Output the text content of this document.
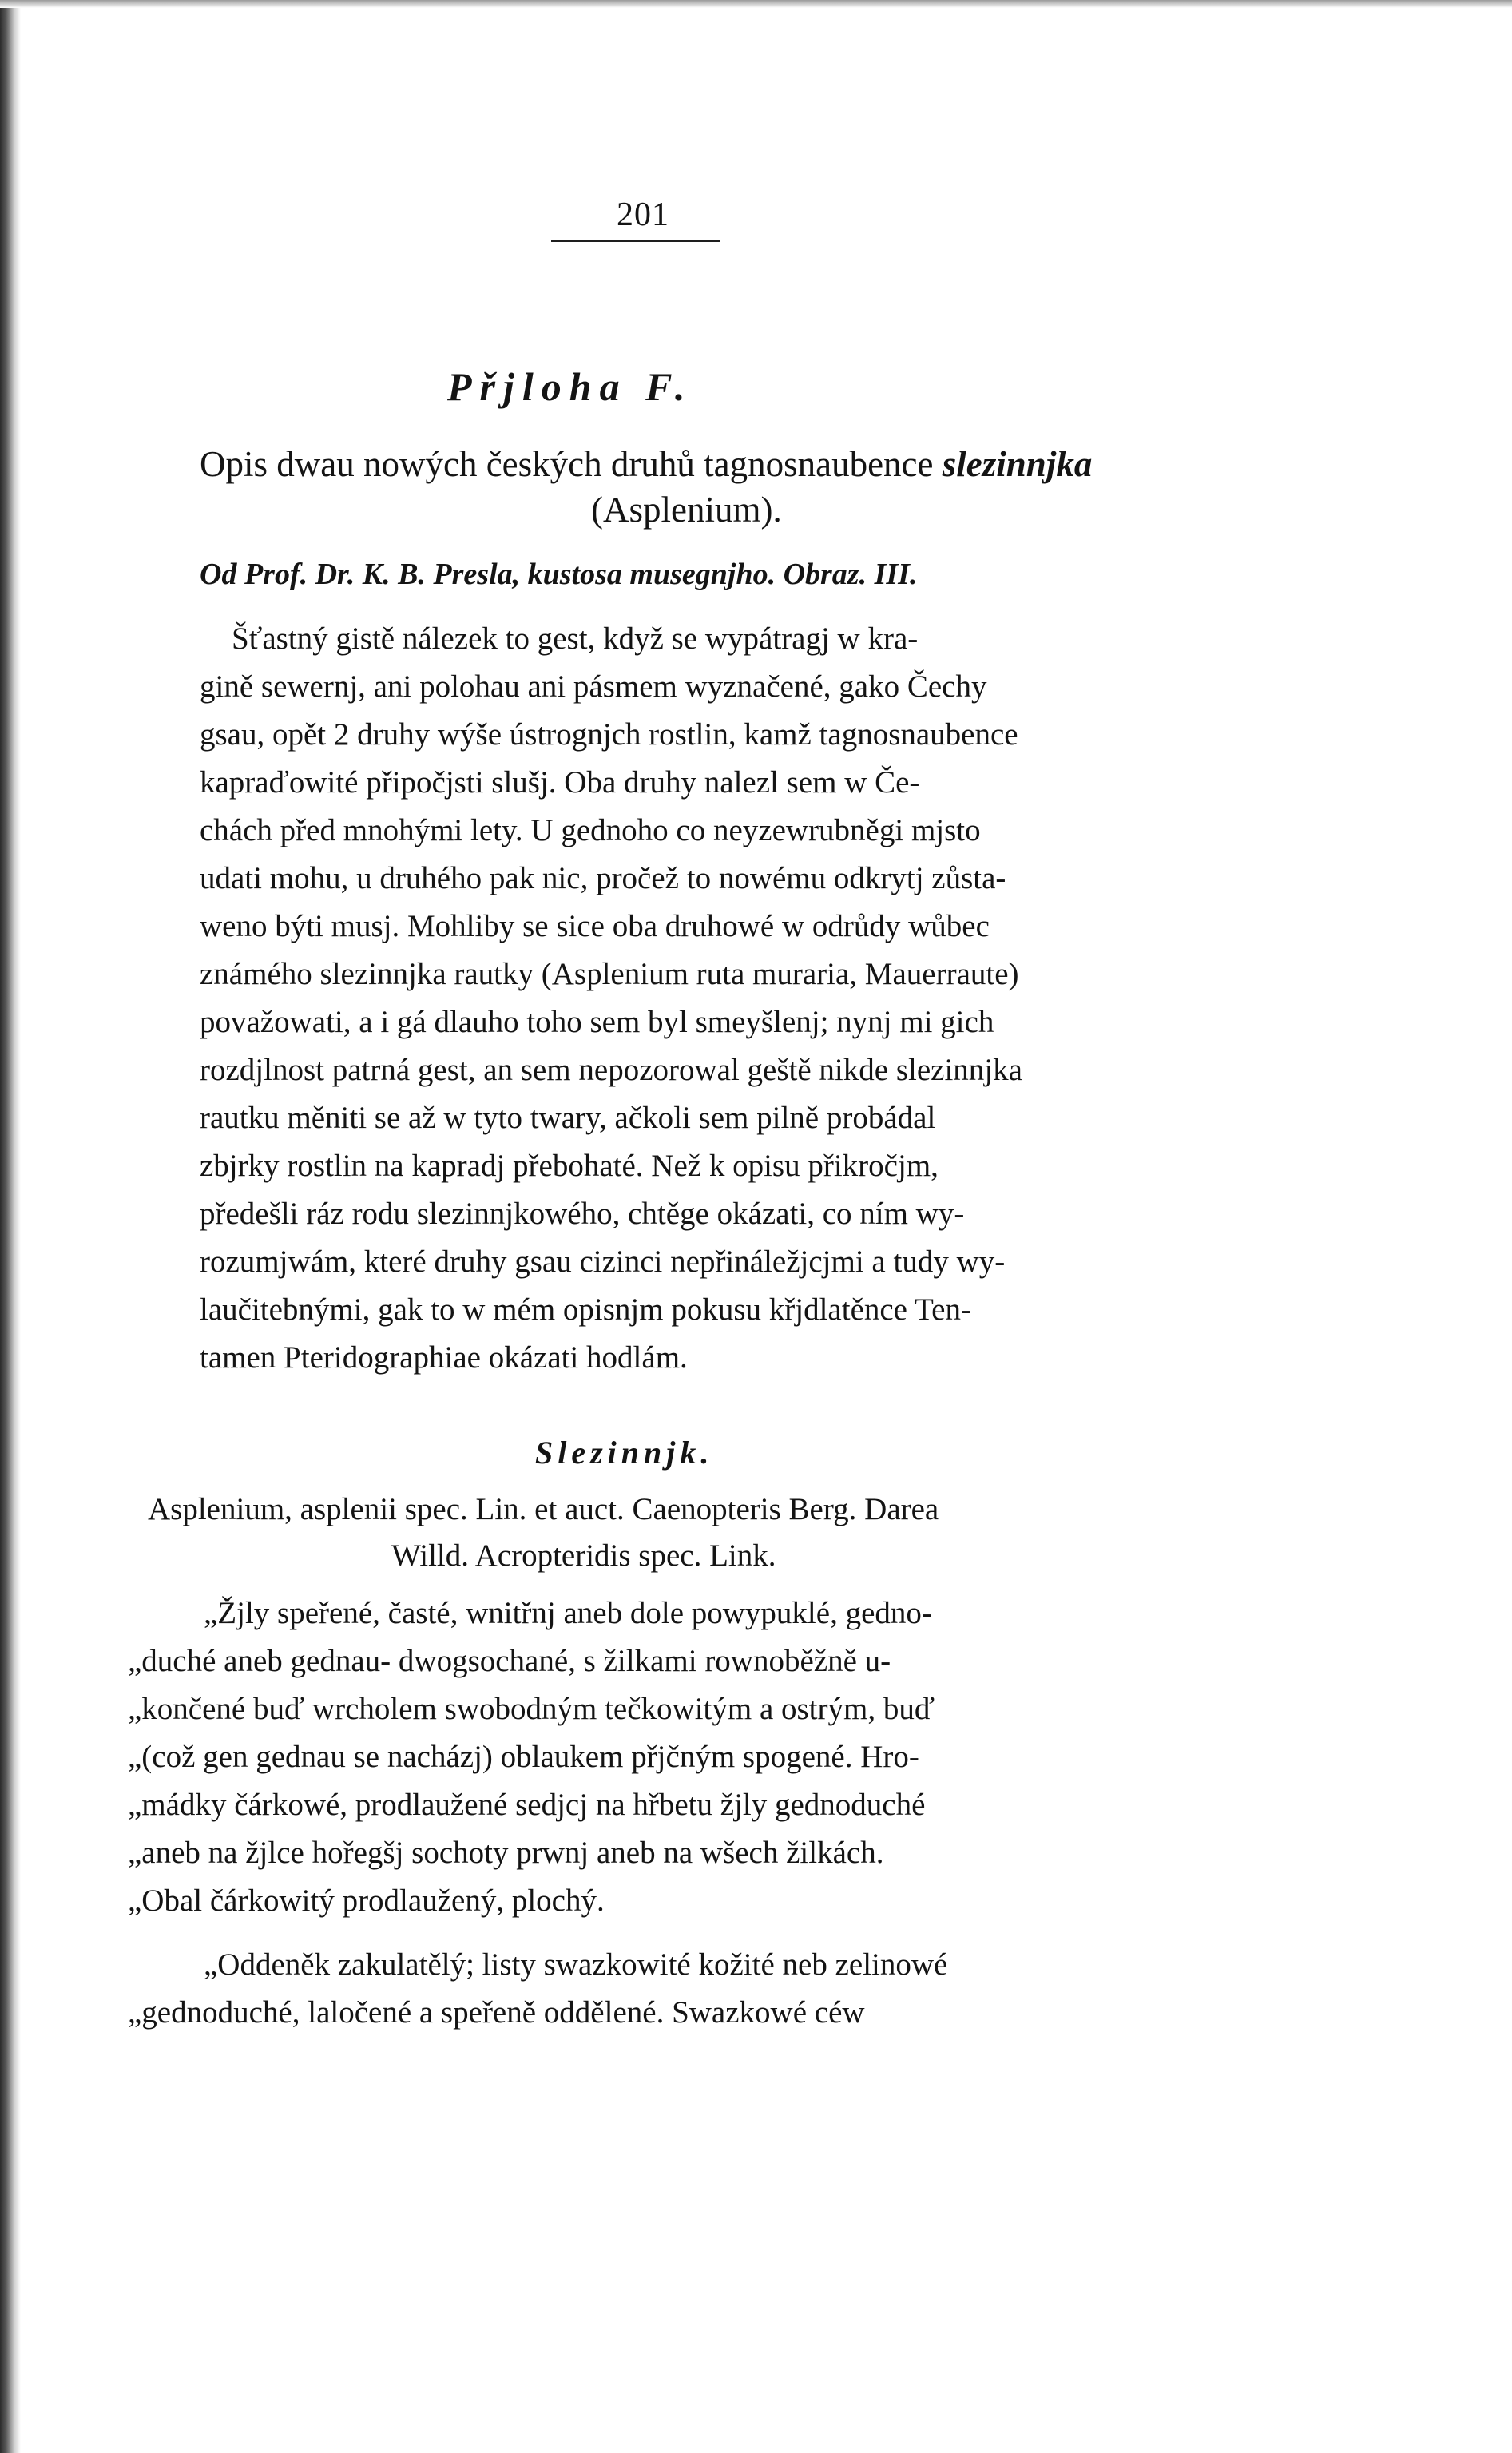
201
Přjloha F.
Opis dwau nowých českých druhů tagnosnaubence slezinnjka
(Asplenium).
Od Prof. Dr. K. B. Presla, kustosa musegnjho. Obraz. III.
Šťastný gistě nálezek to gest, když se wypátragj w kra-
gině sewernj, ani polohau ani pásmem wyznačené, gako Čechy
gsau, opět 2 druhy wýše ústrognjch rostlin, kamž tagnosnaubence
kapraďowité připočjsti slušj. Oba druhy nalezl sem w Če-
chách před mnohými lety. U gednoho co neyzewrubněgi mjsto
udati mohu, u druhého pak nic, pročež to nowému odkrytj zůsta-
weno býti musj. Mohliby se sice oba druhowé w odrůdy wůbec
známého slezinnjka rautky (Asplenium ruta muraria, Mauerraute)
považowati, a i gá dlauho toho sem byl smeyšlenj; nynj mi gich
rozdjlnost patrná gest, an sem nepozorowal geště nikde slezinnjka
rautku měniti se až w tyto twary, ačkoli sem pilně probádal
zbjrky rostlin na kapradj přebohaté. Než k opisu přikročjm,
předešli ráz rodu slezinnjkowého, chtěge okázati, co ním wy-
rozumjwám, které druhy gsau cizinci nepřináležjcjmi a tudy wy-
laučitebnými, gak to w mém opisnjm pokusu křjdlatěnce Ten-
tamen Pteridographiae okázati hodlám.
Slezinnjk.
Asplenium, asplenii spec. Lin. et auct. Caenopteris Berg. Darea
Willd. Acropteridis spec. Link.
„Žjly speřené, časté, wnitřnj aneb dole powypuklé, gedno-
„duché aneb gednau- dwogsochané, s žilkami rownoběžně u-
„končené buď wrcholem swobodným tečkowitým a ostrým, buď
„(což gen gednau se nacházj) oblaukem přjčným spogené. Hro-
„mádky čárkowé, prodlaužené sedjcj na hřbetu žjly gednoduché
„aneb na žjlce hořegšj sochoty prwnj aneb na wšech žilkách.
„Obal čárkowitý prodlaužený, plochý.
„Oddeněk zakulatělý; listy swazkowité kožité neb zelinowé
„gednoduché, laločené a speřeně oddělené. Swazkowé céw
